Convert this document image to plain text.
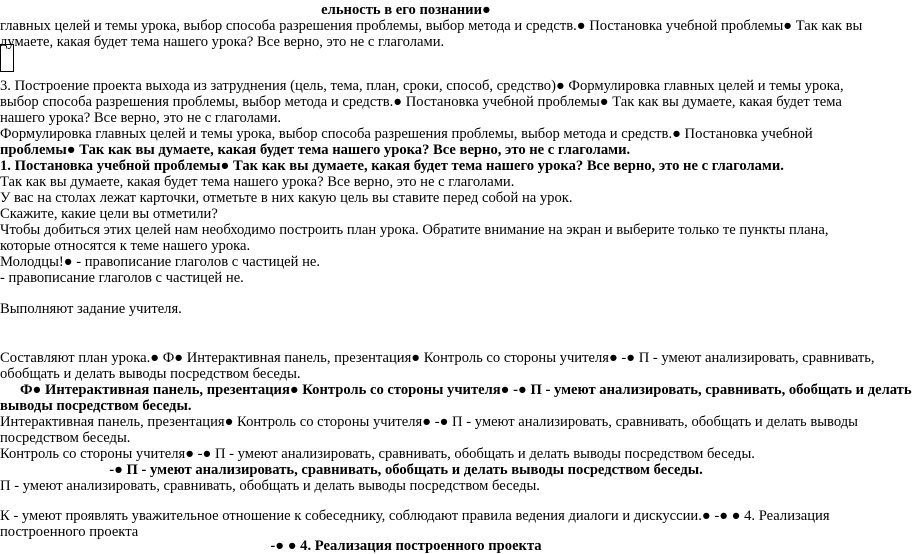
ельность в его познании●
главных целей и темы урока, выбор способа разрешения проблемы, выбор метода и средств.● Постановка учебной проблемы● Так как вы
думаете, какая будет тема нашего урока? Все верно, это не с глаголами.
3. Построение проекта выхода из затруднения (цель, тема, план, сроки, способ, средство)● Формулировка главных целей и темы урока,
выбор способа разрешения проблемы, выбор метода и средств.● Постановка учебной проблемы● Так как вы думаете, какая будет тема
нашего урока? Все верно, это не с глаголами.
Формулировка главных целей и темы урока, выбор способа разрешения проблемы, выбор метода и средств.● Постановка учебной
проблемы● Так как вы думаете, какая будет тема нашего урока? Все верно, это не с глаголами.
1. Постановка учебной проблемы● Так как вы думаете, какая будет тема нашего урока? Все верно, это не с глаголами.
Так как вы думаете, какая будет тема нашего урока? Все верно, это не с глаголами.
У вас на столах лежат карточки, отметьте в них какую цель вы ставите перед собой на урок.
Скажите, какие цели вы отметили?
Чтобы добиться этих целей нам необходимо построить план урока. Обратите внимание на экран и выберите только те пункты плана,
которые относятся к теме нашего урока.
Молодцы!● - правописание глаголов с частицей не.
- правописание глаголов с частицей не.
Выполняют задание учителя.
Составляют план урока.● Ф● Интерактивная панель, презентация● Контроль со стороны учителя● -● П - умеют анализировать, сравнивать,
обобщать и делать выводы посредством беседы.
Ф● Интерактивная панель, презентация● Контроль со стороны учителя● -● П - умеют анализировать, сравнивать, обобщать и делать
выводы посредством беседы.
Интерактивная панель, презентация● Контроль со стороны учителя● -● П - умеют анализировать, сравнивать, обобщать и делать выводы
посредством беседы.
Контроль со стороны учителя● -● П - умеют анализировать, сравнивать, обобщать и делать выводы посредством беседы.
-● П - умеют анализировать, сравнивать, обобщать и делать выводы посредством беседы.
П - умеют анализировать, сравнивать, обобщать и делать выводы посредством беседы.
К - умеют проявлять уважительное отношение к собеседнику, соблюдают правила ведения диалоги и дискуссии.● -● ● 4. Реализация
построенного проекта
-● ● 4. Реализация построенного проекта
